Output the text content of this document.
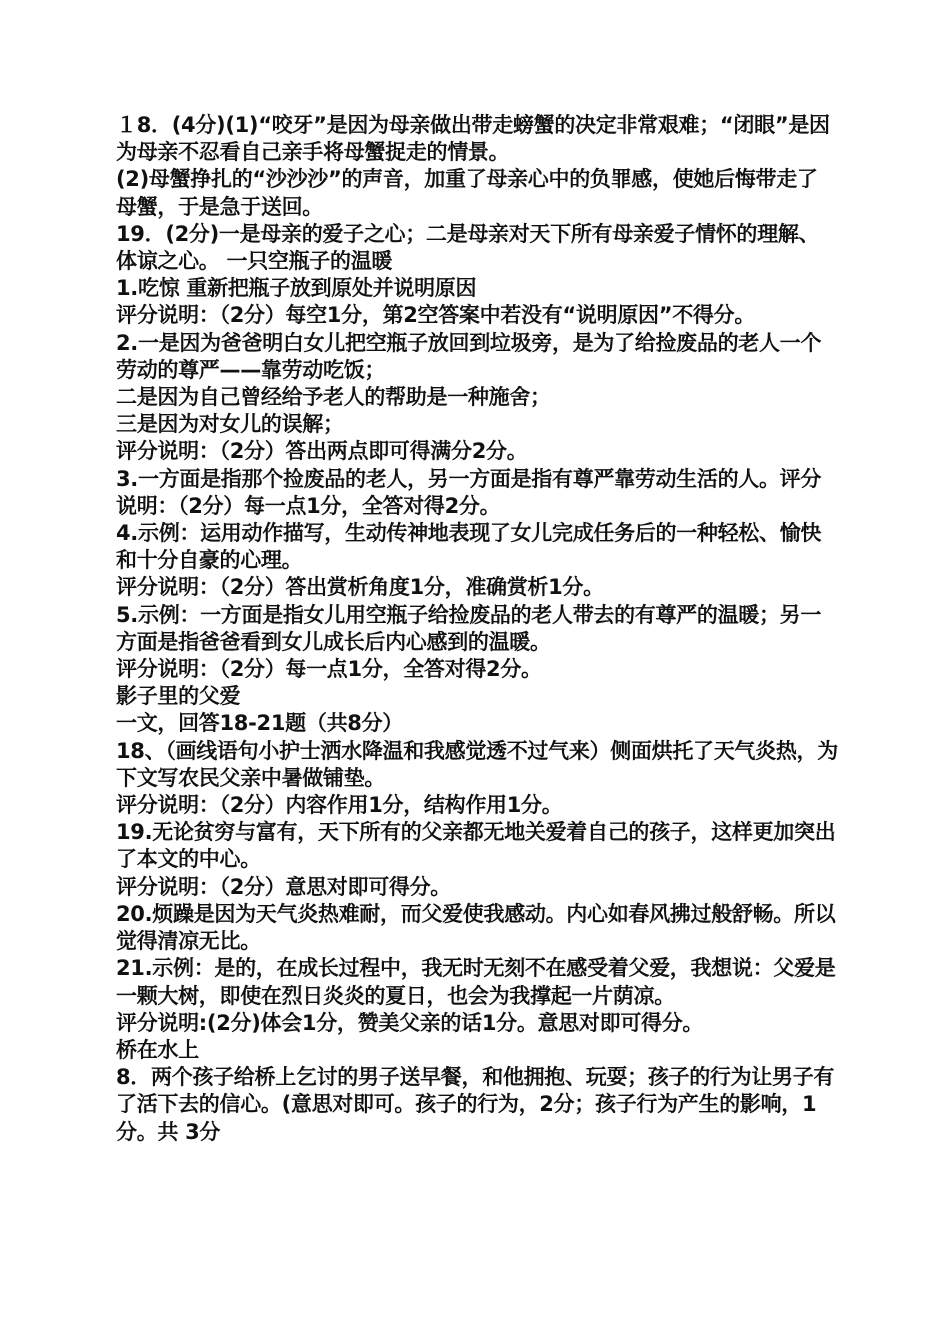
１8．(4分)(1)“咬牙”是因为母亲做出带走螃蟹的决定非常艰难；“闭眼”是因为母亲不忍看自己亲手将母蟹捉走的情景。

(2)母蟹挣扎的“沙沙沙”的声音，加重了母亲心中的负罪感，使她后悔带走了母蟹，于是急于送回。

19．(2分)一是母亲的爱子之心；二是母亲对天下所有母亲爱子情怀的理解、体谅之心。 一只空瓶子的温暖

1.吃惊 重新把瓶子放到原处并说明原因

评分说明：（2分）每空1分，第2空答案中若没有“说明原因”不得分。

2.一是因为爸爸明白女儿把空瓶子放回到垃圾旁，是为了给捡废品的老人一个劳动的尊严——靠劳动吃饭；

二是因为自己曾经给予老人的帮助是一种施舍；

三是因为对女儿的误解；

评分说明：（2分）答出两点即可得满分2分。

3.一方面是指那个捡废品的老人，另一方面是指有尊严靠劳动生活的人。评分说明：（2分）每一点1分，全答对得2分。

4.示例：运用动作描写，生动传神地表现了女儿完成任务后的一种轻松、愉快和十分自豪的心理。

评分说明：（2分）答出赏析角度1分，准确赏析1分。

5.示例：一方面是指女儿用空瓶子给捡废品的老人带去的有尊严的温暖；另一方面是指爸爸看到女儿成长后内心感到的温暖。

评分说明：（2分）每一点1分，全答对得2分。

影子里的父爱

一文，回答18-21题（共8分）

18、（画线语句小护士洒水降温和我感觉透不过气来）侧面烘托了天气炎热，为下文写农民父亲中暑做铺垫。

评分说明：（2分）内容作用1分，结构作用1分。

19.无论贫穷与富有，天下所有的父亲都无地关爱着自己的孩子，这样更加突出了本文的中心。

评分说明：（2分）意思对即可得分。

20.烦躁是因为天气炎热难耐，而父爱使我感动。内心如春风拂过般舒畅。所以觉得清凉无比。

21.示例：是的，在成长过程中，我无时无刻不在感受着父爱，我想说：父爱是一颗大树，即使在烈日炎炎的夏日，也会为我撑起一片荫凉。

评分说明:(2分)体会1分，赞美父亲的话1分。意思对即可得分。

桥在水上

8．两个孩子给桥上乞讨的男子送早餐，和他拥抱、玩耍；孩子的行为让男子有了活下去的信心。(意思对即可。孩子的行为，2分；孩子行为产生的影响，1分。共 3分
